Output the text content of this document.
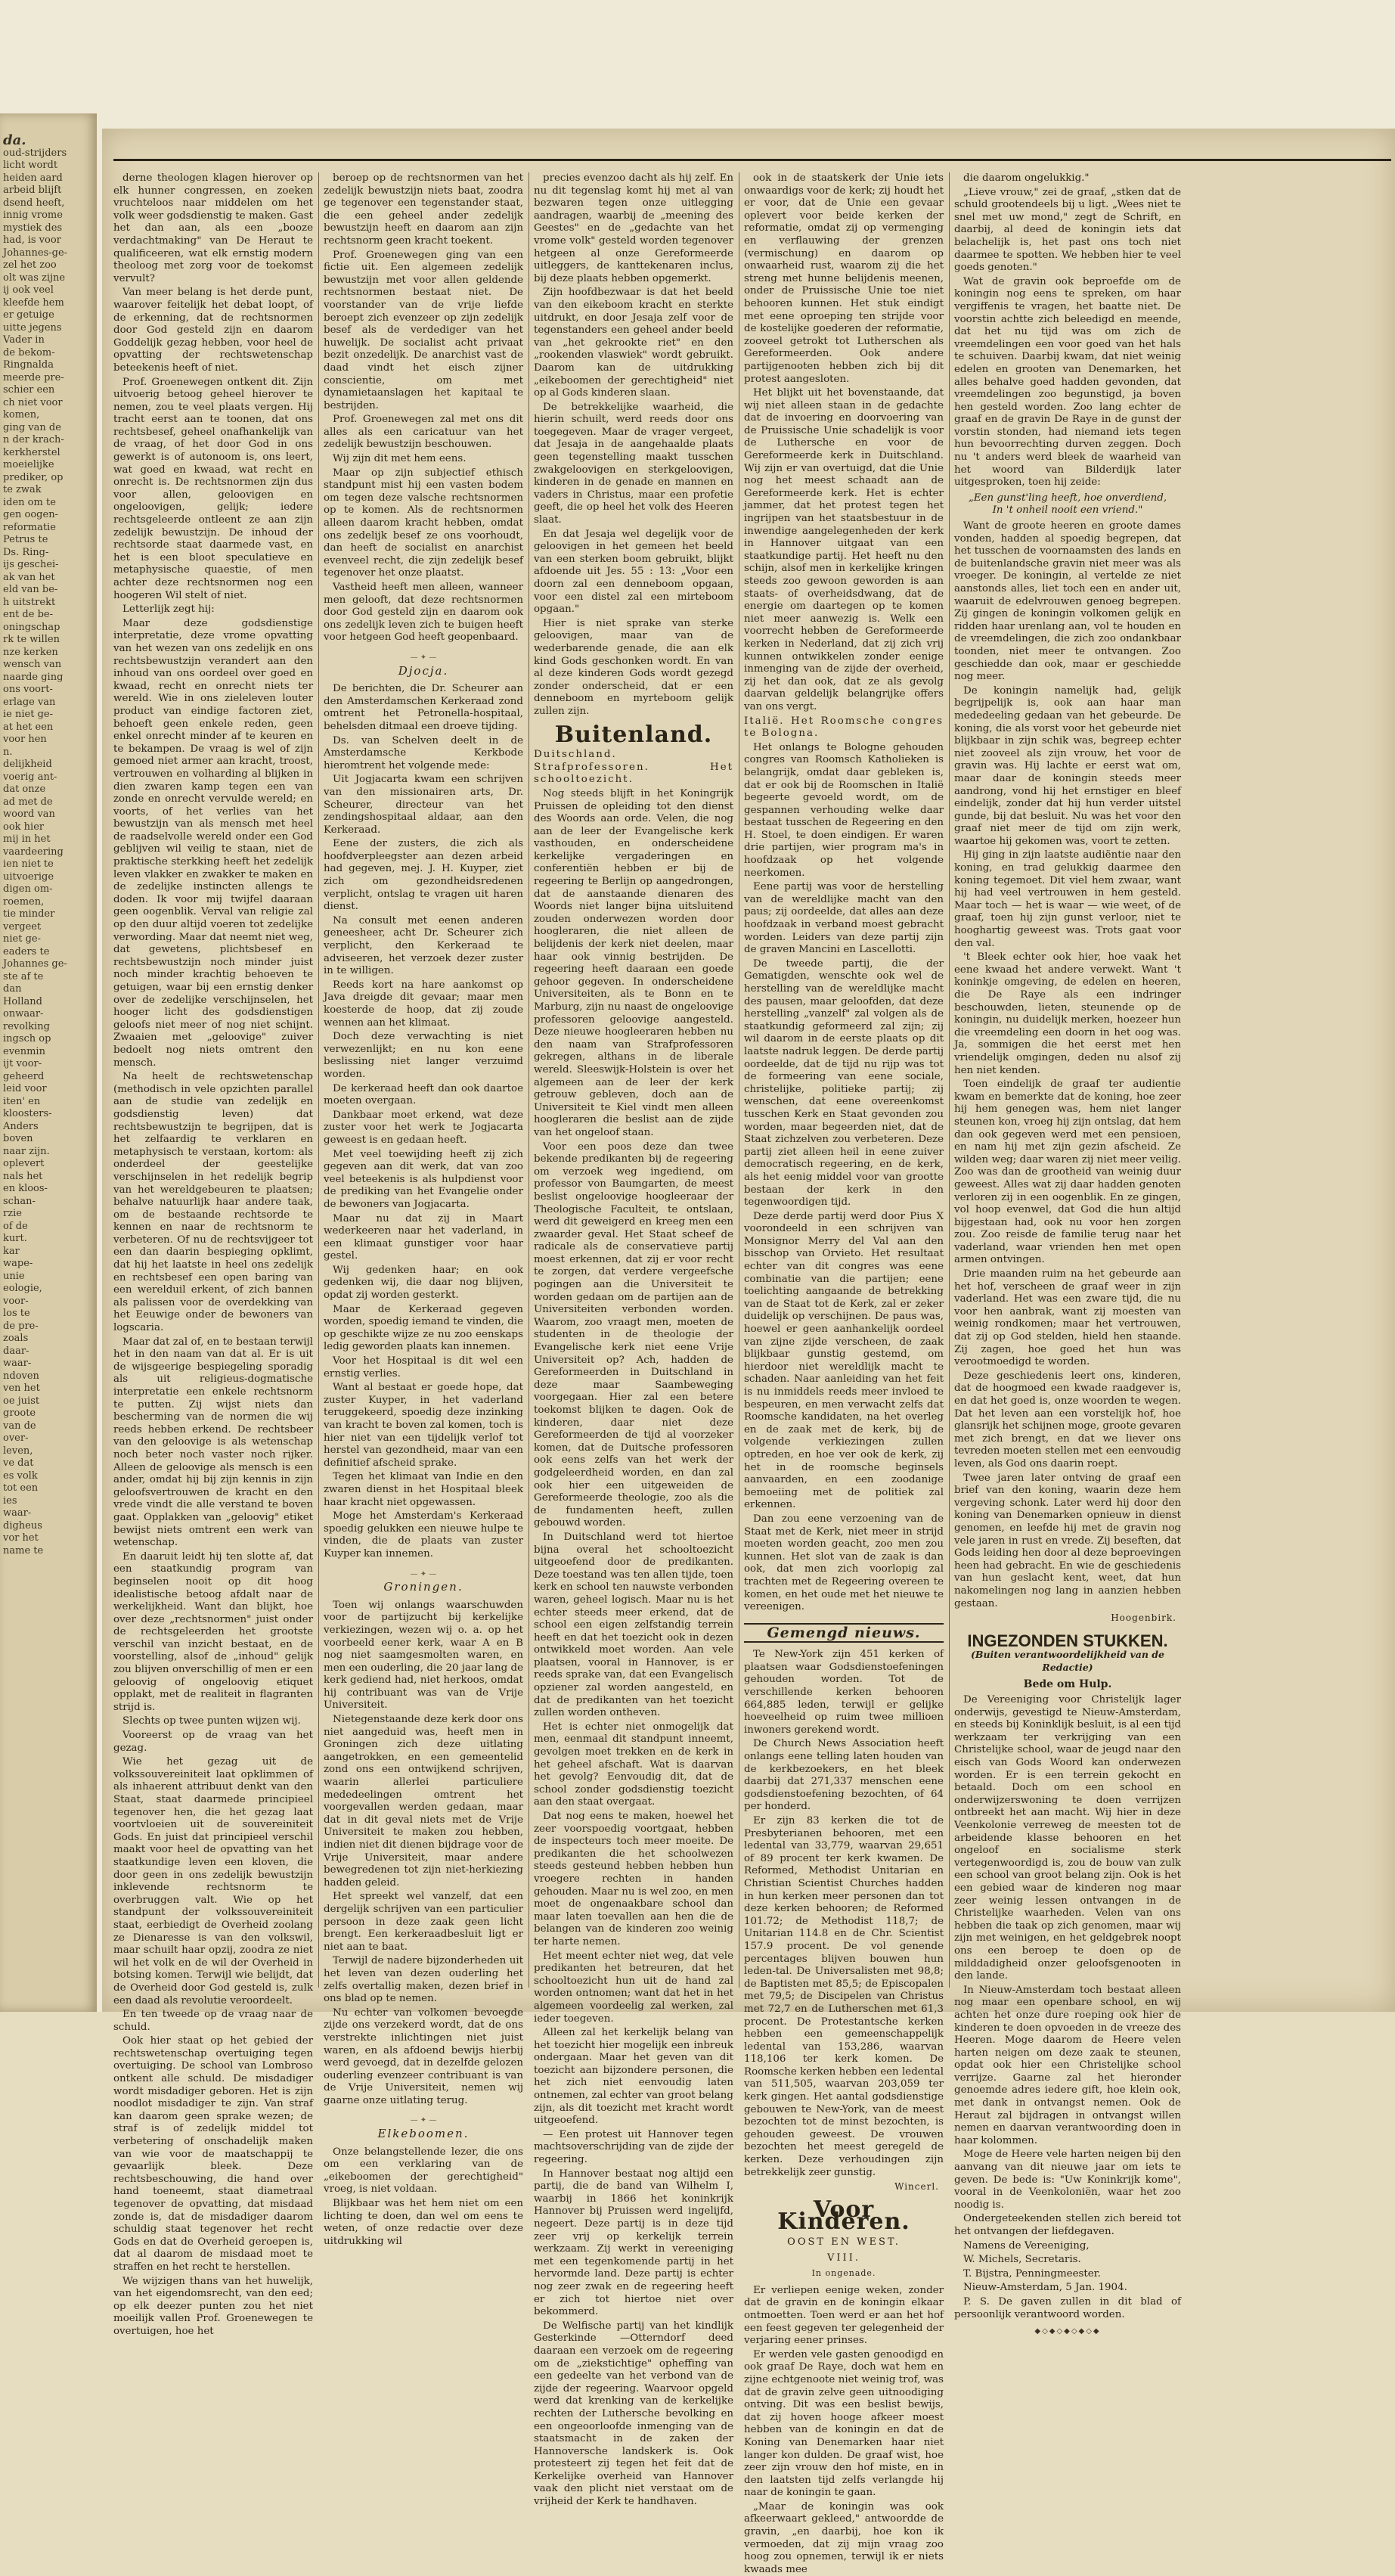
da.

oud-strijders

licht wordt

heiden aard

arbeid blijft

dsend heeft,

innig vrome

mystiek des

had, is voor

Johannes-ge-

zel het zoo

olt was zijne

ij ook veel

kleefde hem

er getuige

uitte jegens

Vader in

de bekom-

Ringnalda

meerde pre-

schier een

ch niet voor

komen,

ging van de

n der krach-

kerkherstel

moeielijke

prediker, op

te zwak

iden om te

gen oogen-

reformatie

Petrus te

Ds. Ring-

ijs geschei-

ak van het

eld van be-

h uitstrekt

ent de be-

oningschap

rk te willen

nze kerken

wensch van

naarde ging

ons voort-

erlage van

ie niet ge-

at het een

voor hen

n.

delijkheid

voerig ant-

dat onze

ad met de

woord van

ook hier

mij in het

vaardeering

ien niet te

uitvoerige

digen om-

roemen,

tie minder

vergeet

niet ge-

eaders te

Johannes ge-

ste af te

dan

Holland

onwaar-

revolking

ingsch op

evenmin

ijt voor-

geheerd

leid voor

iten' en

kloosters-

Anders

boven

naar zijn.

oplevert

nals het

en kloos-

schan-

rzie

of de

kurt.

kar

wape-

unie

eologie,

voor-

los te

de pre-

zoals

daar-

waar-

ndoven

ven het

oe juist

groote

van de

over-

leven,

ve dat

es volk

tot een

ies

waar-

digheus

vor het

name te

derne theologen klagen hierover op elk hunner congressen, en zoeken vruchteloos naar middelen om het volk weer godsdienstig te maken. Gast het dan aan, als een „booze verdachtmaking" van De Heraut te qualificeeren, wat elk ernstig modern theoloog met zorg voor de toekomst vervult?

Van meer belang is het derde punt, waarover feitelijk het debat loopt, of de erkenning, dat de rechtsnormen door God gesteld zijn en daarom Goddelijk gezag hebben, voor heel de opvatting der rechtswetenschap beteekenis heeft of niet.

Prof. Groenewegen ontkent dit. Zijn uitvoerig betoog geheel hierover te nemen, zou te veel plaats vergen. Hij tracht eerst aan te toonen, dat ons rechtsbesef, geheel onafhankelijk van de vraag, of het door God in ons gewerkt is of autonoom is, ons leert, wat goed en kwaad, wat recht en onrecht is. De rechtsnormen zijn dus voor allen, geloovigen en ongeloovigen, gelijk; iedere rechtsgeleerde ontleent ze aan zijn zedelijk bewustzijn. De inhoud der rechtsorde staat daarmede vast, en het is een bloot speculatieve en metaphysische quaestie, of men achter deze rechtsnormen nog een hoogeren Wil stelt of niet.

Letterlijk zegt hij:

Maar deze godsdienstige interpretatie, deze vrome opvatting van het wezen van ons zedelijk en ons rechtsbewustzijn verandert aan den inhoud van ons oordeel over goed en kwaad, recht en onrecht niets ter wereld. Wie in ons zieleleven louter product van eindige factoren ziet, behoeft geen enkele reden, geen enkel onrecht minder af te keuren en te bekampen. De vraag is wel of zijn gemoed niet armer aan kracht, troost, vertrouwen en volharding al blijken in dien zwaren kamp tegen een van zonde en onrecht vervulde wereld; en voorts, of het verlies van het bewustzijn van als mensch met heel de raadselvolle wereld onder een God geblijven wil veilig te staan, niet de praktische sterkking heeft het zedelijk leven vlakker en zwakker te maken en de zedelijke instincten allengs te doden. Ik voor mij twijfel daaraan geen oogenblik. Verval van religie zal op den duur altijd voeren tot zedelijke verwording. Maar dat neemt niet weg, dat gewetens, plichtsbesef en rechtsbewustzijn noch minder juist noch minder krachtig behoeven te getuigen, waar bij een ernstig denker over de zedelijke verschijnselen, het hooger licht des godsdienstigen geloofs niet meer of nog niet schijnt. Zwaaien met „geloovige" zuiver bedoelt nog niets omtrent den mensch.

Na heelt de rechtswetenschap (methodisch in vele opzichten parallel aan de studie van zedelijk en godsdienstig leven) dat rechtsbewustzijn te begrijpen, dat is het zelfaardig te verklaren en metaphysisch te verstaan, kortom: als onderdeel der geestelijke verschijnselen in het redelijk begrip van het wereldgebeuren te plaatsen; behalve natuurlijk haar andere taak, om de bestaande rechtsorde te kennen en naar de rechtsnorm te verbeteren. Of nu de rechtsvijgeer tot een dan daarin bespieging opklimt, dat hij het laatste in heel ons zedelijk en rechtsbesef een open baring van een werelduil erkent, of zich bannen als palissen voor de overdekking van het Eeuwige onder de bewoners van logscaria.

Maar dat zal of, en te bestaan terwijl het in den naam van dat al. Er is uit de wijsgeerige bespiegeling sporadig als uit religieus-dogmatische interpretatie een enkele rechtsnorm te putten. Zij wijst niets dan bescherming van de normen die wij reeds hebben erkend. De rechtsbeer van den geloovige is als wetenschap noch beter noch vaster noch rijker. Alleen de geloovige als mensch is een ander, omdat hij bij zijn kennis in zijn geloofsvertrouwen de kracht en den vrede vindt die alle verstand te boven gaat. Opplakken van „geloovig" etiket bewijst niets omtrent een werk van wetenschap.

En daaruit leidt hij ten slotte af, dat een staatkundig program van beginselen nooit op dit hoog idealistische betoog afdalt naar de werkelijkheid. Want dan blijkt, hoe over deze „rechtsnormen" juist onder de rechtsgeleerden het grootste verschil van inzicht bestaat, en de voorstelling, alsof de „inhoud" gelijk zou blijven onverschillig of men er een geloovig of ongeloovig etiquet opplakt, met de realiteit in flagranten strijd is.

Slechts op twee punten wijzen wij.

Vooreerst op de vraag van het gezag.

Wie het gezag uit de volkssouvereiniteit laat opklimmen of als inhaerent attribuut denkt van den Staat, staat daarmede principieel tegenover hen, die het gezag laat voortvloeien uit de souvereiniteit Gods. En juist dat principieel verschil maakt voor heel de opvatting van het staatkundige leven een kloven, die door geen in ons zedelijk bewustzijn inklevende rechtsnorm te overbruggen valt. Wie op het standpunt der volkssouvereiniteit staat, eerbiedigt de Overheid zoolang ze Dienaresse is van den volkswil, maar schuilt haar opzij, zoodra ze niet wil het volk en de wil der Overheid in botsing komen. Terwijl wie belijdt, dat de Overheid door God gesteld is, zulk een daad als revolutie veroordeelt.

En ten tweede op de vraag naar de schuld.

Ook hier staat op het gebied der rechtswetenschap overtuiging tegen overtuiging. De school van Lombroso ontkent alle schuld. De misdadiger wordt misdadiger geboren. Het is zijn noodlot misdadiger te zijn. Van straf kan daarom geen sprake wezen; de straf is of zedelijk middel tot verbetering of onschadelijk maken van wie voor de maatschappij te gevaarlijk bleek. Deze rechtsbeschouwing, die hand over hand toeneemt, staat diametraal tegenover de opvatting, dat misdaad zonde is, dat de misdadiger daarom schuldig staat tegenover het recht Gods en dat de Overheid geroepen is, dat al daarom de misdaad moet te straffen en het recht te herstellen.

We wijzigen thans van het huwelijk, van het eigendomsrecht, van den eed; op elk deezer punten zou het niet moeilijk vallen Prof. Groenewegen te overtuigen, hoe het

beroep op de rechtsnormen van het zedelijk bewustzijn niets baat, zoodra ge tegenover een tegenstander staat, die een geheel ander zedelijk bewustzijn heeft en daarom aan zijn rechtsnorm geen kracht toekent.

Prof. Groenewegen ging van een fictie uit. Een algemeen zedelijk bewustzijn met voor allen geldende rechtsnormen bestaat niet. De voorstander van de vrije liefde beroept zich evenzeer op zijn zedelijk besef als de verdediger van het huwelijk. De socialist acht privaat bezit onzedelijk. De anarchist vast de daad vindt het eisch zijner conscientie, om met dynamietaanslagen het kapitaal te bestrijden.

Prof. Groenewegen zal met ons dit alles als een caricatuur van het zedelijk bewustzijn beschouwen.

Wij zijn dit met hem eens.

Maar op zijn subjectief ethisch standpunt mist hij een vasten bodem om tegen deze valsche rechtsnormen op te komen. Als de rechtsnormen alleen daarom kracht hebben, omdat ons zedelijk besef ze ons voorhoudt, dan heeft de socialist en anarchist evenveel recht, die zijn zedelijk besef tegenover het onze plaatst.

Vastheid heeft men alleen, wanneer men gelooft, dat deze rechtsnormen door God gesteld zijn en daarom ook ons zedelijk leven zich te buigen heeft voor hetgeen God heeft geopenbaard.

— ✦ —
Djocja.

De berichten, die Dr. Scheurer aan den Amsterdamschen Kerkeraad zond omtrent het Petronella-hospitaal, behelsden ditmaal een droeve tijding.

Ds. van Schelven deelt in de Amsterdamsche Kerkbode hieromtrent het volgende mede:

Uit Jogjacarta kwam een schrijven van den missionairen arts, Dr. Scheurer, directeur van het zendingshospitaal aldaar, aan den Kerkeraad.

Eene der zusters, die zich als hoofdverpleegster aan dezen arbeid had gegeven, mej. J. H. Kuyper, ziet zich om gezondheidsredenen verplicht, ontslag te vragen uit haren dienst.

Na consult met eenen anderen geneesheer, acht Dr. Scheurer zich verplicht, den Kerkeraad te adviseeren, het verzoek dezer zuster in te willigen.

Reeds kort na hare aankomst op Java dreigde dit gevaar; maar men koesterde de hoop, dat zij zoude wennen aan het klimaat.

Doch deze verwachting is niet verwezenlijkt; en nu kon eene beslissing niet langer verzuimd worden.

De kerkeraad heeft dan ook daartoe moeten overgaan.

Dankbaar moet erkend, wat deze zuster voor het werk te Jogjacarta geweest is en gedaan heeft.

Met veel toewijding heeft zij zich gegeven aan dit werk, dat van zoo veel beteekenis is als hulpdienst voor de prediking van het Evangelie onder de bewoners van Jogjacarta.

Maar nu dat zij in Maart wederkeeren naar het vaderland, in een klimaat gunstiger voor haar gestel.

Wij gedenken haar; en ook gedenken wij, die daar nog blijven, opdat zij worden gesterkt.

Maar de Kerkeraad gegeven worden, spoedig iemand te vinden, die op geschikte wijze ze nu zoo eenskaps ledig geworden plaats kan innemen.

Voor het Hospitaal is dit wel een ernstig verlies.

Want al bestaat er goede hope, dat zuster Kuyper, in het vaderland teruggekeerd, spoedig deze inzinking van kracht te boven zal komen, toch is hier niet van een tijdelijk verlof tot herstel van gezondheid, maar van een definitief afscheid sprake.

Tegen het klimaat van Indie en den zwaren dienst in het Hospitaal bleek haar kracht niet opgewassen.

Moge het Amsterdam's Kerkeraad spoedig gelukken een nieuwe hulpe te vinden, die de plaats van zuster Kuyper kan innemen.

— ✦ —
Groningen.

Toen wij onlangs waarschuwden voor de partijzucht bij kerkelijke verkiezingen, wezen wij o. a. op het voorbeeld eener kerk, waar A en B nog niet saamgesmolten waren, en men een ouderling, die 20 jaar lang de kerk gediend had, niet herkoos, omdat hij contribuant was van de Vrije Universiteit.

Nietegenstaande deze kerk door ons niet aangeduid was, heeft men in Groningen zich deze uitlating aangetrokken, en een gemeentelid zond ons een ontwijkend schrijven, waarin allerlei particuliere mededeelingen omtrent het voorgevallen werden gedaan, maar dat in dit geval niets met de Vrije Universiteit te maken zou hebben, indien niet dit dienen bijdrage voor de Vrije Universiteit, maar andere bewegredenen tot zijn niet-herkiezing hadden geleid.

Het spreekt wel vanzelf, dat een dergelijk schrijven van een particulier persoon in deze zaak geen licht brengt. Een kerkeraadbesluit ligt er niet aan te baat.

Terwijl de nadere bijzonderheden uit het leven van dezen ouderling het zelfs overtallig maken, dezen brief in ons blad op te nemen.

Nu echter van volkomen bevoegde zijde ons verzekerd wordt, dat de ons verstrekte inlichtingen niet juist waren, en als afdoend bewijs hierbij werd gevoegd, dat in dezelfde gelozen ouderling evenzeer contribuant is van de Vrije Universiteit, nemen wij gaarne onze uitlating terug.

— ✦ —
Elkeboomen.

Onze belangstellende lezer, die ons om een verklaring van de „eikeboomen der gerechtigheid" vroeg, is niet voldaan.

Blijkbaar was het hem niet om een lichting te doen, dan wel om eens te weten, of onze redactie over deze uitdrukking wil

precies evenzoo dacht als hij zelf. En nu dit tegenslag komt hij met al van bezwaren tegen onze uitlegging aandragen, waarbij de „meening des Geestes" en de „gedachte van het vrome volk" gesteld worden tegenover hetgeen al onze Gereformeerde uitleggers, de kanttekenaren inclus, bij deze plaats hebben opgemerkt.

Zijn hoofdbezwaar is dat het beeld van den eikeboom kracht en sterkte uitdrukt, en door Jesaja zelf voor de tegenstanders een geheel ander beeld van „het gekrookte riet" en den „rookenden vlaswiek" wordt gebruikt. Daarom kan de uitdrukking „eikeboomen der gerechtigheid" niet op al Gods kinderen slaan.

De betrekkelijke waarheid, die hierin schuilt, werd reeds door ons toegegeven. Maar de vrager vergeet, dat Jesaja in de aangehaalde plaats geen tegenstelling maakt tusschen zwakgeloovigen en sterkgeloovigen, kinderen in de genade en mannen en vaders in Christus, maar een profetie geeft, die op heel het volk des Heeren slaat.

En dat Jesaja wel degelijk voor de geloovigen in het gemeen het beeld van een sterken boom gebruikt, blijkt afdoende uit Jes. 55 : 13: „Voor een doorn zal een denneboom opgaan, voor een distel zal een mirteboom opgaan."

Hier is niet sprake van sterke geloovigen, maar van de wederbarende genade, die aan elk kind Gods geschonken wordt. En van al deze kinderen Gods wordt gezegd zonder onderscheid, dat er een denneboom en myrteboom gelijk zullen zijn.

Buitenland.

Duitschland. Strafprofessoren. Het schooltoezicht.

Nog steeds blijft in het Koningrijk Pruissen de opleiding tot den dienst des Woords aan orde. Velen, die nog aan de leer der Evangelische kerk vasthouden, en onderscheidene kerkelijke vergaderingen en conferentiën hebben er bij de regeering te Berlijn op aangedrongen, dat de aanstaande dienaren des Woords niet langer bijna uitsluitend zouden onderwezen worden door hoogleraren, die niet alleen de belijdenis der kerk niet deelen, maar haar ook vinnig bestrijden. De regeering heeft daaraan een goede gehoor gegeven. In onderscheidene Universiteiten, als te Bonn en te Marburg, zijn nu naast de ongeloovige professoren geloovige aangesteld. Deze nieuwe hoogleeraren hebben nu den naam van Strafprofessoren gekregen, althans in de liberale wereld. Sleeswijk-Holstein is over het algemeen aan de leer der kerk getrouw gebleven, doch aan de Universiteit te Kiel vindt men alleen hoogleraren die beslist aan de zijde van het ongeloof staan.

Voor een poos deze dan twee bekende predikanten bij de regeering om verzoek weg ingediend, om professor von Baumgarten, de meest beslist ongeloovige hoogleeraar der Theologische Faculteit, te ontslaan, werd dit geweigerd en kreeg men een zwaarder geval. Het Staat scheef de radicale als de conservatieve partij moest erkennen, dat zij er voor recht te zorgen, dat verdere vergeefsche pogingen aan die Universiteit te worden gedaan om de partijen aan de Universiteiten verbonden worden. Waarom, zoo vraagt men, moeten de studenten in de theologie der Evangelische kerk niet eene Vrije Universiteit op? Ach, hadden de Gereformeerden in Duitschland in deze maar Saambeweging voorgegaan. Hier zal een betere toekomst blijken te dagen. Ook de kinderen, daar niet deze Gereformeerden de tijd al voorzeker komen, dat de Duitsche professoren ook eens zelfs van het werk der godgeleerdheid worden, en dan zal ook hier een uitgeweiden de Gereformeerde theologie, zoo als die de fundamenten heeft, zullen gebouwd worden.

In Duitschland werd tot hiertoe bijna overal het schooltoezicht uitgeoefend door de predikanten. Deze toestand was ten allen tijde, toen kerk en school ten nauwste verbonden waren, geheel logisch. Maar nu is het echter steeds meer erkend, dat de school een eigen zelfstandig terrein heeft en dat het toezicht ook in dezen ontwikkeld moet worden. Aan vele plaatsen, vooral in Hannover, is er reeds sprake van, dat een Evangelisch opziener zal worden aangesteld, en dat de predikanten van het toezicht zullen worden ontheven.

Het is echter niet onmogelijk dat men, eenmaal dit standpunt inneemt, gevolgen moet trekken en de kerk in het geheel afschaft. Wat is daarvan het gevolg? Eenvoudig dit, dat de school zonder godsdienstig toezicht aan den staat overgaat.

Dat nog eens te maken, hoewel het zeer voorspoedig voortgaat, hebben de inspecteurs toch meer moeite. De predikanten die het schoolwezen steeds gesteund hebben hebben hun vroegere rechten in handen gehouden. Maar nu is wel zoo, en men moet de ongenaakbare school dan maar laten toevallen aan hen die de belangen van de kinderen zoo weinig ter harte nemen.

Het meent echter niet weg, dat vele predikanten het betreuren, dat het schooltoezicht hun uit de hand zal worden ontnomen; want dat het in het algemeen voordeelig zal werken, zal ieder toegeven.

Alleen zal het kerkelijk belang van het toezicht hier mogelijk een inbreuk ondergaan. Maar het geven van dit toezicht aan bijzondere personen, die het zich niet eenvoudig laten ontnemen, zal echter van groot belang zijn, als dit toezicht met kracht wordt uitgeoefend.

— Een protest uit Hannover tegen machtsoverschrijding van de zijde der regeering.

In Hannover bestaat nog altijd een partij, die de band van Wilhelm I, waarbij in 1866 het koninkrijk Hannover bij Pruissen werd ingelijfd, negeert. Deze partij is in deze tijd zeer vrij op kerkelijk terrein werkzaam. Zij werkt in vereeniging met een tegenkomende partij in het hervormde land. Deze partij is echter nog zeer zwak en de regeering heeft er zich tot hiertoe niet over bekommerd.

De Welfische partij van het kindlijk Gesterkinde —Otterndorf deed daaraan een verzoek om de regeering om de „ziekstichtige" opheffing van een gedeelte van het verbond van de zijde der regeering. Waarvoor opgeld werd dat krenking van de kerkelijke rechten der Luthersche bevolking en een ongeoorloofde inmenging van de staatsmacht in de zaken der Hannoversche landskerk is. Ook protesteert zij tegen het feit dat de Kerkelijke overheid van Hannover vaak den plicht niet verstaat om de vrijheid der Kerk te handhaven.

ook in de staatskerk der Unie iets onwaardigs voor de kerk; zij houdt het er voor, dat de Unie een gevaar oplevert voor beide kerken der reformatie, omdat zij op vermenging en verflauwing der grenzen (vermischung) en daarom op onwaarheid rust, waarom zij die het streng met hunne belijdenis meenen, onder de Pruissische Unie toe niet behooren kunnen. Het stuk eindigt met eene oproeping ten strijde voor de kostelijke goederen der reformatie, zooveel getrokt tot Lutherschen als Gereformeerden. Ook andere partijgenooten hebben zich bij dit protest aangesloten.

Het blijkt uit het bovenstaande, dat wij niet alleen staan in de gedachte dat de invoering en doorvoering van de Pruissische Unie schadelijk is voor de Luthersche en voor de Gereformeerde kerk in Duitschland. Wij zijn er van overtuigd, dat die Unie nog het meest schaadt aan de Gereformeerde kerk. Het is echter jammer, dat het protest tegen het ingrijpen van het staatsbestuur in de inwendige aangelegenheden der kerk in Hannover uitgaat van een staatkundige partij. Het heeft nu den schijn, alsof men in kerkelijke kringen steeds zoo gewoon geworden is aan staats- of overheidsdwang, dat de energie om daartegen op te komen niet meer aanwezig is. Welk een voorrecht hebben de Gereformeerde kerken in Nederland, dat zij zich vrij kunnen ontwikkelen zonder eenige inmenging van de zijde der overheid, zij het dan ook, dat ze als gevolg daarvan geldelijk belangrijke offers van ons vergt.

Italië. Het Roomsche congres te Bologna.

Het onlangs te Bologne gehouden congres van Roomsch Katholieken is belangrijk, omdat daar gebleken is, dat er ook bij de Roomschen in Italië begeerte gevoeld wordt, om de gespannen verhouding welke daar bestaat tusschen de Regeering en den H. Stoel, te doen eindigen. Er waren drie partijen, wier program ma's in hoofdzaak op het volgende neerkomen.

Eene partij was voor de herstelling van de wereldlijke macht van den paus; zij oordeelde, dat alles aan deze hoofdzaak in verband moest gebracht worden. Leiders van deze partij zijn de graven Mancini en Lascellotti.

De tweede partij, die der Gematigden, wenschte ook wel de herstelling van de wereldlijke macht des pausen, maar geloofden, dat deze herstelling „vanzelf" zal volgen als de staatkundig geformeerd zal zijn; zij wil daarom in de eerste plaats op dit laatste nadruk leggen. De derde partij oordeelde, dat de tijd nu rijp was tot de formeering van eene sociale, christelijke, politieke partij; zij wenschen, dat eene overeenkomst tusschen Kerk en Staat gevonden zou worden, maar begeerden niet, dat de Staat zichzelven zou verbeteren. Deze partij ziet alleen heil in eene zuiver democratisch regeering, en de kerk, als het eenig middel voor van grootte bestaan der kerk in den tegenwoordigen tijd.

Deze derde partij werd door Pius X voorondeeld in een schrijven van Monsignor Merry del Val aan den bisschop van Orvieto. Het resultaat echter van dit congres was eene combinatie van die partijen; eene toelichting aangaande de betrekking van de Staat tot de Kerk, zal er zeker duidelijk op verschijnen. De paus was, hoewel er geen aanhankelijk oordeel van zijne zijde verscheen, de zaak blijkbaar gunstig gestemd, om hierdoor niet wereldlijk macht te schaden. Naar aanleiding van het feit is nu inmiddels reeds meer invloed te bespeuren, en men verwacht zelfs dat Roomsche kandidaten, na het overleg en de zaak met de kerk, bij de volgende verkiezingen zullen optreden, en hoe ver ook de kerk, zij het in de roomsche beginsels aanvaarden, en een zoodanige bemoeiing met de politiek zal erkennen.

Dan zou eene verzoening van de Staat met de Kerk, niet meer in strijd moeten worden geacht, zoo men zou kunnen. Het slot van de zaak is dan ook, dat men zich voorlopig zal trachten met de Regeering overeen te komen, en het oude met het nieuwe te vereenigen.

Gemengd nieuws.

Te New-York zijn 451 kerken of plaatsen waar Godsdienstoefeningen gehouden worden. Tot de verschillende kerken behooren 664,885 leden, terwijl er gelijke hoeveelheid op ruim twee millioen inwoners gerekend wordt.

De Church News Association heeft onlangs eene telling laten houden van de kerkbezoekers, en het bleek daarbij dat 271,337 menschen eene godsdienstoefening bezochten, of 64 per honderd.

Er zijn 83 kerken die tot de Presbyterianen behooren, met een ledental van 33,779, waarvan 29,651 of 89 procent ter kerk kwamen. De Reformed, Methodist Unitarian en Christian Scientist Churches hadden in hun kerken meer personen dan tot deze kerken behooren; de Reformed 101.72; de Methodist 118,7; de Unitarian 114.8 en de Chr. Scientist 157.9 procent. De vol genende percentages blijven bouwen hun leden-tal. De Universalisten met 98,8; de Baptisten met 85,5; de Episcopalen met 79,5; de Discipelen van Christus met 72,7 en de Lutherschen met 61,3 procent. De Protestantsche kerken hebben een gemeenschappelijk ledental van 153,286, waarvan 118,106 ter kerk komen. De Roomsche kerken hebben een ledental van 511,505, waarvan 203,059 ter kerk gingen. Het aantal godsdienstige gebouwen te New-York, van de meest bezochten tot de minst bezochten, is gehouden geweest. De vrouwen bezochten het meest geregeld de kerken. Deze verhoudingen zijn betrekkelijk zeer gunstig.

Wincerl.
Voor Kinderen.
OOST EN WEST.
VIII.
In ongenade.

Er verliepen eenige weken, zonder dat de gravin en de koningin elkaar ontmoetten. Toen werd er aan het hof een feest gegeven ter gelegenheid der verjaring eener prinses.

Er werden vele gasten genoodigd en ook graaf De Raye, doch wat hem en zijne echtgenoote niet weinig trof, was dat de gravin zelve geen uitnoodiging ontving. Dit was een beslist bewijs, dat zij hoven hooge afkeer moest hebben van de koningin en dat de Koning van Denemarken haar niet langer kon dulden. De graaf wist, hoe zeer zijn vrouw den hof miste, en in den laatsten tijd zelfs verlangde hij naar de koningin te gaan.

„Maar de koningin was ook afkeerwaart gekleed," antwoordde de gravin, „en daarbij, hoe kon ik vermoeden, dat zij mijn vraag zoo hoog zou opnemen, terwijl ik er niets kwaads mee

die daarom ongelukkig."

„Lieve vrouw," zei de graaf, „stken dat de schuld grootendeels bij u ligt. „Wees niet te snel met uw mond," zegt de Schrift, en daarbij, al deed de koningin iets dat belachelijk is, het past ons toch niet daarmee te spotten. We hebben hier te veel goeds genoten."

Wat de gravin ook beproefde om de koningin nog eens te spreken, om haar vergiffenis te vragen, het baatte niet. De voorstin achtte zich beleedigd en meende, dat het nu tijd was om zich de vreemdelingen een voor goed van het hals te schuiven. Daarbij kwam, dat niet weinig edelen en grooten van Denemarken, het alles behalve goed hadden gevonden, dat vreemdelingen zoo begunstigd, ja boven hen gesteld worden. Zoo lang echter de graaf en de gravin De Raye in de gunst der vorstin stonden, had niemand iets tegen hun bevoorrechting durven zeggen. Doch nu 't anders werd bleek de waarheid van het woord van Bilderdijk later uitgesproken, toen hij zeide:

„Een gunst'ling heeft, hoe onverdiend,

In 't onheil nooit een vriend."

Want de groote heeren en groote dames vonden, hadden al spoedig begrepen, dat het tusschen de voornaamsten des lands en de buitenlandsche gravin niet meer was als vroeger. De koningin, al vertelde ze niet aanstonds alles, liet toch een en ander uit, waaruit de edelvrouwen genoeg begrepen. Zij gingen de koningin volkomen gelijk en ridden haar urenlang aan, vol te houden en de vreemdelingen, die zich zoo ondankbaar toonden, niet meer te ontvangen. Zoo geschiedde dan ook, maar er geschiedde nog meer.

De koningin namelijk had, gelijk begrijpelijk is, ook aan haar man mededeeling gedaan van het gebeurde. De koning, die als vorst voor het gebeurde niet blijkbaar in zijn schik was, begreep echter niet zooveel als zijn vrouw, het voor de gravin was. Hij lachte er eerst wat om, maar daar de koningin steeds meer aandrong, vond hij het ernstiger en bleef eindelijk, zonder dat hij hun verder uitstel gunde, bij dat besluit. Nu was het voor den graaf niet meer de tijd om zijn werk, waartoe hij gekomen was, voort te zetten.

Hij ging in zijn laatste audiëntie naar den koning, en trad gelukkig daarmee den koning tegemoet. Dit viel hem zwaar, want hij had veel vertrouwen in hem gesteld. Maar toch — het is waar — wie weet, of de graaf, toen hij zijn gunst verloor, niet te hooghartig geweest was. Trots gaat voor den val.

't Bleek echter ook hier, hoe vaak het eene kwaad het andere verwekt. Want 't koninkje omgeving, de edelen en heeren, die De Raye als een indringer beschouwden, lieten, steunende op de koningin, nu duidelijk merken, hoezeer hun die vreemdeling een doorn in het oog was. Ja, sommigen die het eerst met hen vriendelijk omgingen, deden nu alsof zij hen niet kenden.

Toen eindelijk de graaf ter audientie kwam en bemerkte dat de koning, hoe zeer hij hem genegen was, hem niet langer steunen kon, vroeg hij zijn ontslag, dat hem dan ook gegeven werd met een pensioen, en nam hij met zijn gezin afscheid. Ze wilden weg; daar waren zij niet meer veilig. Zoo was dan de grootheid van weinig duur geweest. Alles wat zij daar hadden genoten verloren zij in een oogenblik. En ze gingen, vol hoop evenwel, dat God die hun altijd bijgestaan had, ook nu voor hen zorgen zou. Zoo reisde de familie terug naar het vaderland, waar vrienden hen met open armen ontvingen.

Drie maanden ruim na het gebeurde aan het hof, verscheen de graaf weer in zijn vaderland. Het was een zware tijd, die nu voor hen aanbrak, want zij moesten van weinig rondkomen; maar het vertrouwen, dat zij op God stelden, hield hen staande. Zij zagen, hoe goed het hun was verootmoedigd te worden.

Deze geschiedenis leert ons, kinderen, dat de hoogmoed een kwade raadgever is, en dat het goed is, onze woorden te wegen. Dat het leven aan een vorstelijk hof, hoe glansrijk het schijnen moge, groote gevaren met zich brengt, en dat we liever ons tevreden moeten stellen met een eenvoudig leven, als God ons daarin roept.

Twee jaren later ontving de graaf een brief van den koning, waarin deze hem vergeving schonk. Later werd hij door den koning van Denemarken opnieuw in dienst genomen, en leefde hij met de gravin nog vele jaren in rust en vrede. Zij beseften, dat Gods leiding hen door al deze beproevingen heen had gebracht. En wie de geschiedenis van hun geslacht kent, weet, dat hun nakomelingen nog lang in aanzien hebben gestaan.

Hoogenbirk.
INGEZONDEN STUKKEN.
(Buiten verantwoordelijkheid van de Redactie)
Bede om Hulp.

De Vereeniging voor Christelijk lager onderwijs, gevestigd te Nieuw-Amsterdam, en steeds bij Koninklijk besluit, is al een tijd werkzaam ter verkrijging van een Christelijke school, waar de jeugd naar den eisch van Gods Woord kan onderwezen worden. Er is een terrein gekocht en betaald. Doch om een school en onderwijzerswoning te doen verrijzen ontbreekt het aan macht. Wij hier in deze Veenkolonie verreweg de meesten tot de arbeidende klasse behooren en het ongeloof en socialisme sterk vertegenwoordigd is, zou de bouw van zulk een school van groot belang zijn. Ook is het een gebied waar de kinderen nog maar zeer weinig lessen ontvangen in de Christelijke waarheden. Velen van ons hebben die taak op zich genomen, maar wij zijn met weinigen, en het geldgebrek noopt ons een beroep te doen op de milddadigheid onzer geloofsgenooten in den lande.

In Nieuw-Amsterdam toch bestaat alleen nog maar een openbare school, en wij achten het onze dure roeping ook hier de kinderen te doen opvoeden in de vreeze des Heeren. Moge daarom de Heere velen harten neigen om deze zaak te steunen, opdat ook hier een Christelijke school verrijze. Gaarne zal het hieronder genoemde adres iedere gift, hoe klein ook, met dank in ontvangst nemen. Ook de Heraut zal bijdragen in ontvangst willen nemen en daarvan verantwoording doen in haar kolommen.

Moge de Heere vele harten neigen bij den aanvang van dit nieuwe jaar om iets te geven. De bede is: "Uw Koninkrijk kome", vooral in de Veenkoloniën, waar het zoo noodig is.

Ondergeteekenden stellen zich bereid tot het ontvangen der liefdegaven.

Namens de Vereeniging,

W. Michels, Secretaris.

T. Bijstra, Penningmeester.

Nieuw-Amsterdam, 5 Jan. 1904.

P. S. De gaven zullen in dit blad of persoonlijk verantwoord worden.

◆◇◆◇◆◇◆◇◆
